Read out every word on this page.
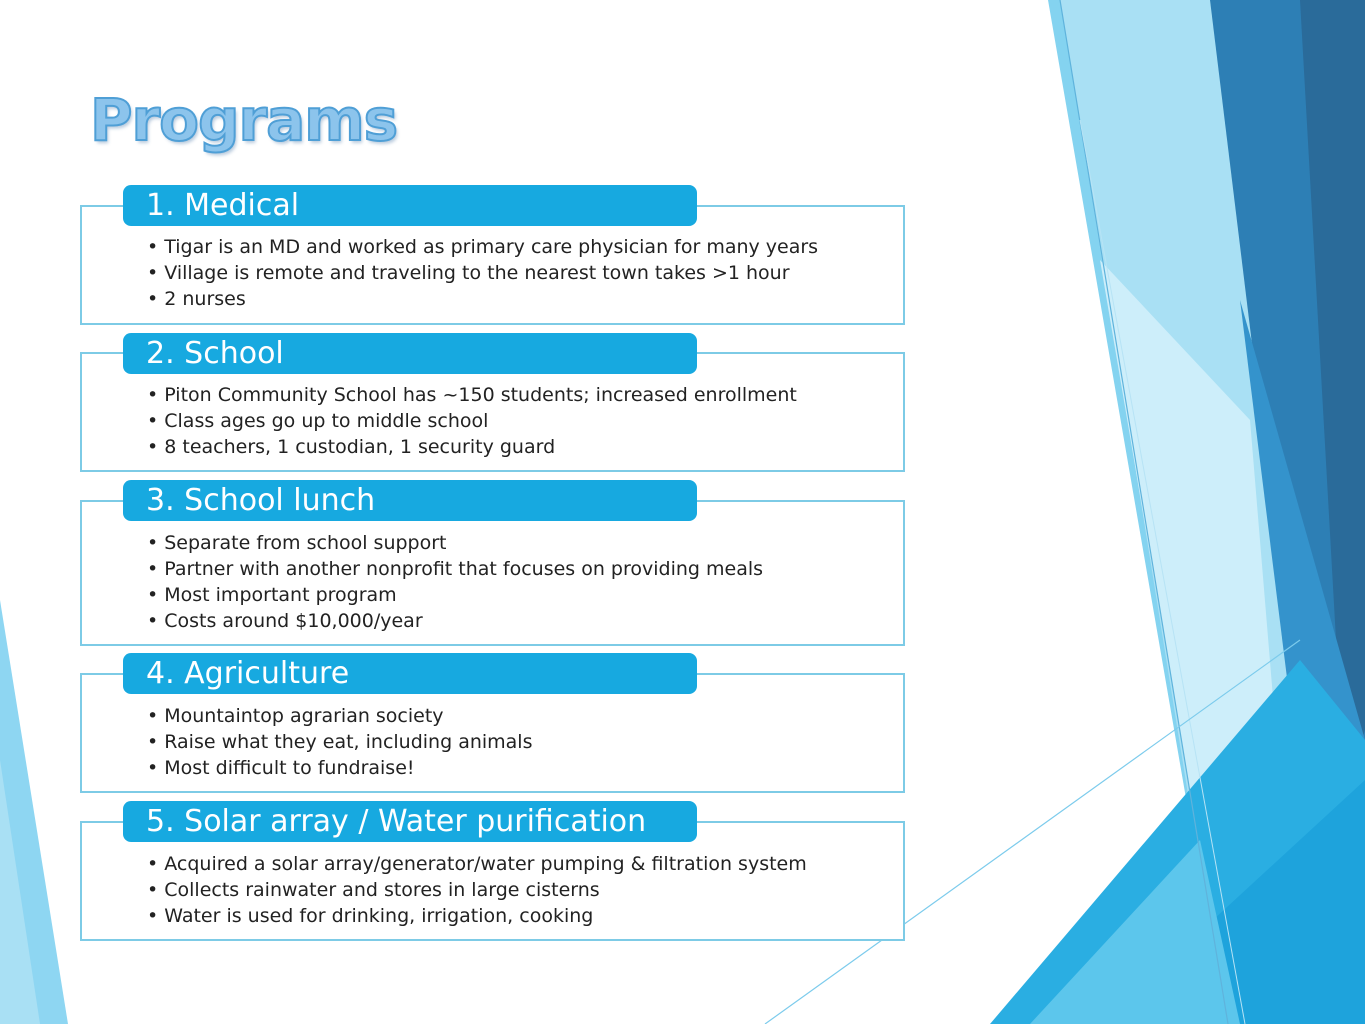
Programs
1. Medical
• Tigar is an MD and worked as primary care physician for many years
• Village is remote and traveling to the nearest town takes >1 hour
• 2 nurses
2. School
• Piton Community School has ~150 students; increased enrollment
• Class ages go up to middle school
• 8 teachers, 1 custodian, 1 security guard
3. School lunch
• Separate from school support
• Partner with another nonprofit that focuses on providing meals
• Most important program
• Costs around $10,000/year
4. Agriculture
• Mountaintop agrarian society
• Raise what they eat, including animals
• Most difficult to fundraise!
5. Solar array / Water purification
• Acquired a solar array/generator/water pumping & filtration system
• Collects rainwater and stores in large cisterns
• Water is used for drinking, irrigation, cooking
